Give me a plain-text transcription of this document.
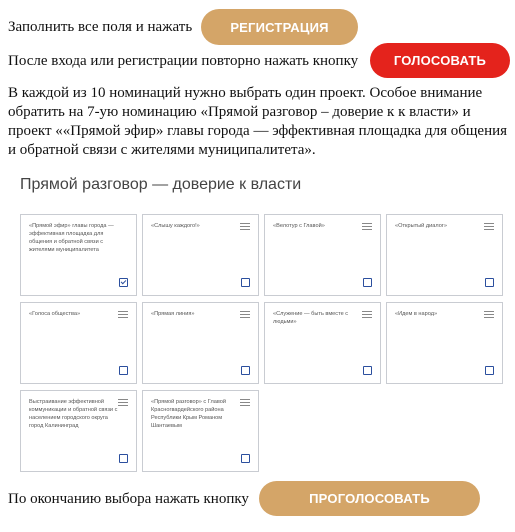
Заполнить все поля и нажать	РЕГИСТРАЦИЯ
После входа или регистрации повторно нажать кнопку	ГОЛОСОВАТЬ
В каждой из 10 номинаций нужно выбрать один проект. Особое внимание обратить на 7-ую номинацию «Прямой разговор – доверие к к власти» и проект ««Прямой эфир» главы города — эффективная площадка для общения и обратной связи с жителями муниципалитета».
Прямой разговор — доверие к власти
«Прямой эфир» главы города — эффективная площадка для общения и обратной связи с жителями муниципалитета
«Слышу каждого!»	«Велотур с Главой»	«Открытый диалог»
«Голоса общества»	«Прямая линия»	«Служение — быть вместе с людьми»
«Идем в народ»
Выстраивание эффективной коммуникации и обратной связи с населением городского округа город Калининград
«Прямой разговор» с Главой Красногвардейского района Республики Крым Романом Шантаевым
По окончанию выбора нажать кнопку	ПРОГОЛОСОВАТЬ
